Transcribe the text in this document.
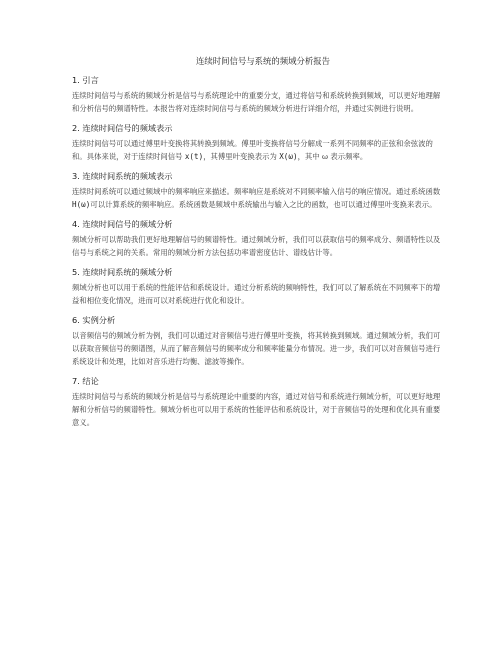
连续时间信号与系统的频域分析报告
1. 引言
连续时间信号与系统的频域分析是信号与系统理论中的重要分支，通过将信号和系统转换到频域，可以更好地理解和分析信号的频谱特性。本报告将对连续时间信号与系统的频域分析进行详细介绍，并通过实例进行说明。
2. 连续时间信号的频域表示
连续时间信号可以通过傅里叶变换将其转换到频域。傅里叶变换将信号分解成一系列不同频率的正弦和余弦波的和。具体来说，对于连续时间信号 x(t)，其傅里叶变换表示为 X(ω)，其中 ω 表示频率。
3. 连续时间系统的频域表示
连续时间系统可以通过频域中的频率响应来描述。频率响应是系统对不同频率输入信号的响应情况。通过系统函数 H(ω)可以计算系统的频率响应。系统函数是频域中系统输出与输入之比的函数，也可以通过傅里叶变换来表示。
4. 连续时间信号的频域分析
频域分析可以帮助我们更好地理解信号的频谱特性。通过频域分析，我们可以获取信号的频率成分、频谱特性以及信号与系统之间的关系。常用的频域分析方法包括功率谱密度估计、谱线估计等。
5. 连续时间系统的频域分析
频域分析也可以用于系统的性能评估和系统设计。通过分析系统的频响特性，我们可以了解系统在不同频率下的增益和相位变化情况，进而可以对系统进行优化和设计。
6. 实例分析
以音频信号的频域分析为例，我们可以通过对音频信号进行傅里叶变换，将其转换到频域。通过频域分析，我们可以获取音频信号的频谱图，从而了解音频信号的频率成分和频率能量分布情况。进一步，我们可以对音频信号进行系统设计和处理，比如对音乐进行均衡、滤波等操作。
7. 结论
连续时间信号与系统的频域分析是信号与系统理论中重要的内容，通过对信号和系统进行频域分析，可以更好地理解和分析信号的频谱特性。频域分析也可以用于系统的性能评估和系统设计，对于音频信号的处理和优化具有重要意义。
